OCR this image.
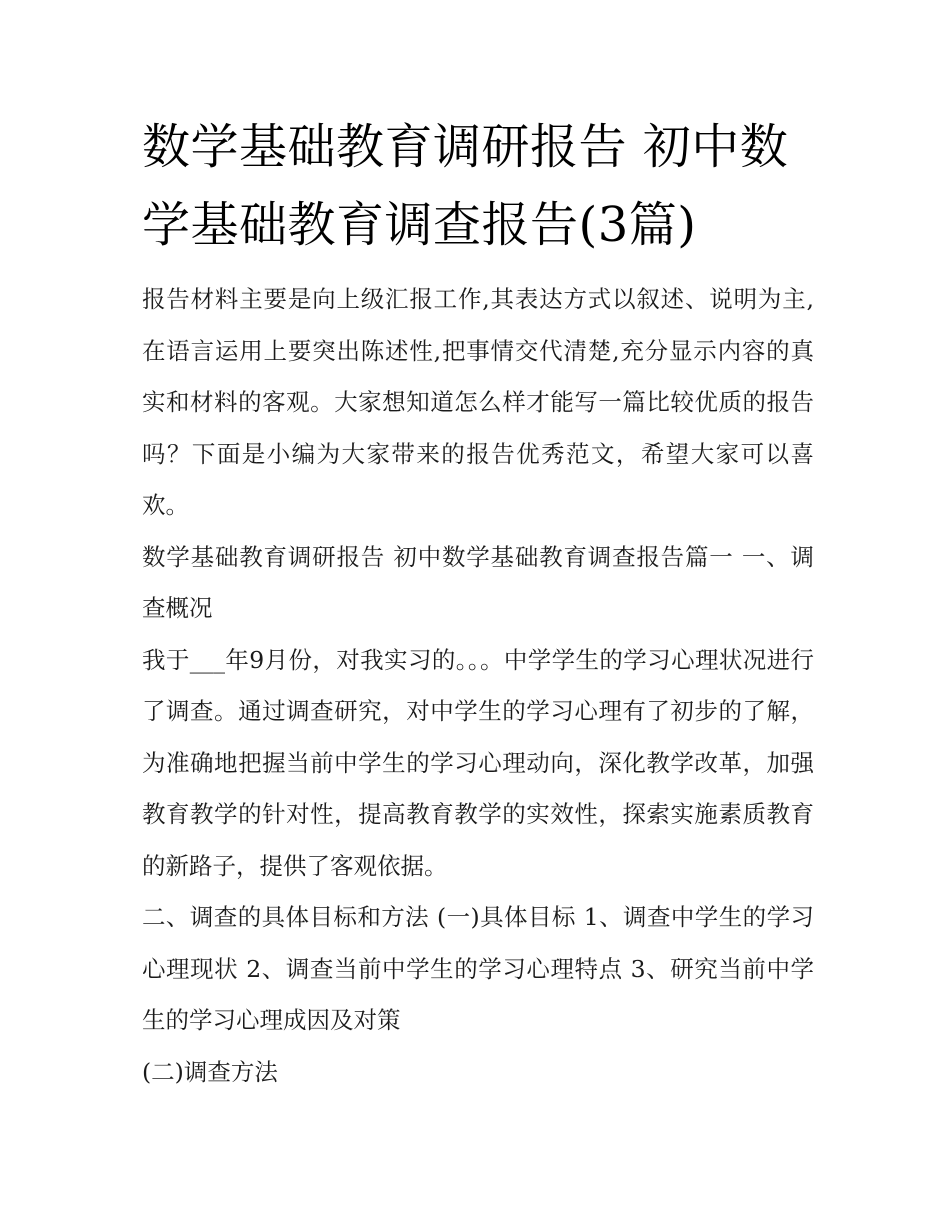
数学基础教育调研报告 初中数学基础教育调查报告(3篇)

报告材料主要是向上级汇报工作,其表达方式以叙述、说明为主,在语言运用上要突出陈述性,把事情交代清楚,充分显示内容的真实和材料的客观。大家想知道怎么样才能写一篇比较优质的报告吗？下面是小编为大家带来的报告优秀范文，希望大家可以喜欢。

数学基础教育调研报告 初中数学基础教育调查报告篇一 一、调查概况

我于___年9月份，对我实习的。。。中学学生的学习心理状况进行了调查。通过调查研究，对中学生的学习心理有了初步的了解，为准确地把握当前中学生的学习心理动向，深化教学改革，加强教育教学的针对性，提高教育教学的实效性，探索实施素质教育的新路子，提供了客观依据。

二、调查的具体目标和方法 (一)具体目标 1、调查中学生的学习心理现状 2、调查当前中学生的学习心理特点 3、研究当前中学生的学习心理成因及对策

(二)调查方法
